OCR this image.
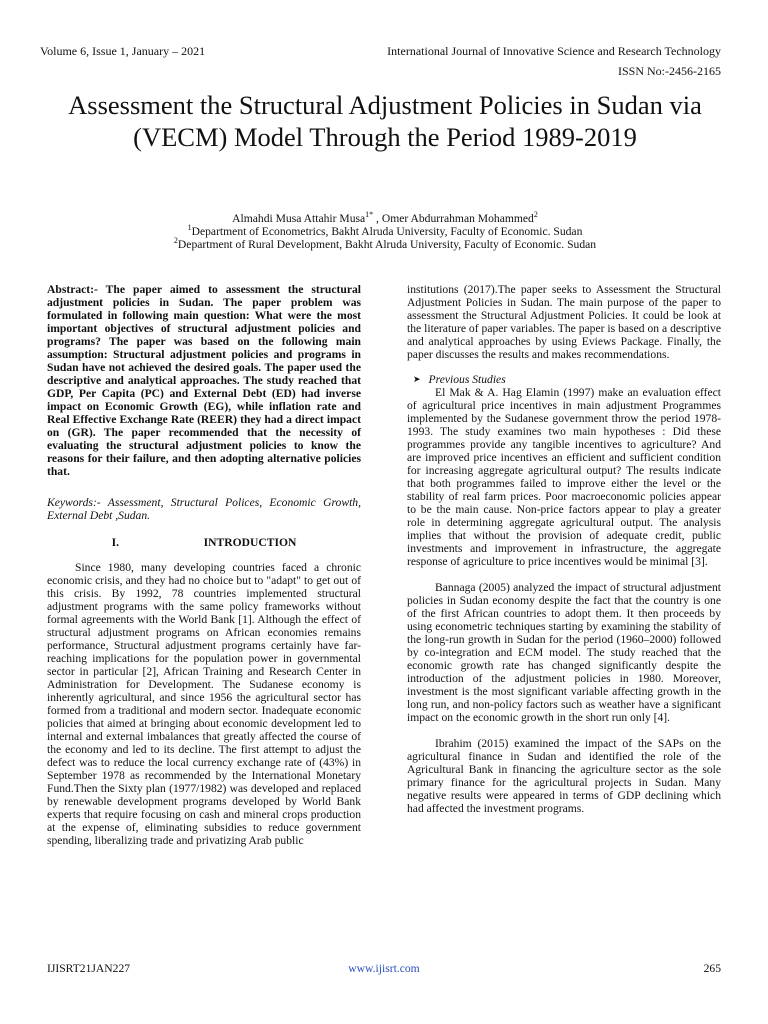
Volume 6, Issue 1, January – 2021	International Journal of Innovative Science and Research Technology
ISSN No:-2456-2165
Assessment the Structural Adjustment Policies in Sudan via (VECM) Model Through the Period 1989-2019
Almahdi Musa Attahir Musa$^{1*}$ , Omer Abdurrahman Mohammed$^2$
$^1$Department of Econometrics, Bakht Alruda University, Faculty of Economic. Sudan
$^2$Department of Rural Development, Bakht Alruda University, Faculty of Economic. Sudan

Abstract:- The paper aimed to assessment the structural adjustment policies in Sudan. The paper problem was formulated in following main question: What were the most important objectives of structural adjustment policies and programs? The paper was based on the following main assumption: Structural adjustment policies and programs in Sudan have not achieved the desired goals. The paper used the descriptive and analytical approaches. The study reached that GDP, Per Capita (PC) and External Debt (ED) had inverse impact on Economic Growth (EG), while inflation rate and Real Effective Exchange Rate (REER) they had a direct impact on (GR). The paper recommended that the necessity of evaluating the structural adjustment policies to know the reasons for their failure, and then adopting alternative policies that.

Keywords:- Assessment, Structural Polices, Economic Growth, External Debt ,Sudan.

I.	INTRODUCTION

Since 1980, many developing countries faced a chronic economic crisis, and they had no choice but to "adapt" to get out of this crisis. By 1992, 78 countries implemented structural adjustment programs with the same policy frameworks without formal agreements with the World Bank [1]. Although the effect of structural adjustment programs on African economies remains performance, Structural adjustment programs certainly have far-reaching implications for the population power in governmental sector in particular [2], African Training and Research Center in Administration for Development. The Sudanese economy is inherently agricultural, and since 1956 the agricultural sector has formed from a traditional and modern sector. Inadequate economic policies that aimed at bringing about economic development led to internal and external imbalances that greatly affected the course of the economy and led to its decline. The first attempt to adjust the defect was to reduce the local currency exchange rate of (43%) in September 1978 as recommended by the International Monetary Fund.Then the Sixty plan (1977/1982) was developed and replaced by renewable development programs developed by World Bank experts that require focusing on cash and mineral crops production at the expense of, eliminating subsidies to reduce government spending, liberalizing trade and privatizing Arab public

institutions (2017).The paper seeks to Assessment the Structural Adjustment Policies in Sudan. The main purpose of the paper to assessment the Structural Adjustment Policies. It could be look at the literature of paper variables. The paper is based on a descriptive and analytical approaches by using Eviews Package. Finally, the paper discusses the results and makes recommendations.

➤ Previous Studies

El Mak & A. Hag Elamin (1997) make an evaluation effect of agricultural price incentives in main adjustment Programmes implemented by the Sudanese government throw the period 1978-1993. The study examines two main hypotheses : Did these programmes provide any tangible incentives to agriculture? And are improved price incentives an efficient and sufficient condition for increasing aggregate agricultural output? The results indicate that both programmes failed to improve either the level or the stability of real farm prices. Poor macroeconomic policies appear to be the main cause. Non-price factors appear to play a greater role in determining aggregate agricultural output. The analysis implies that without the provision of adequate credit, public investments and improvement in infrastructure, the aggregate response of agriculture to price incentives would be minimal [3].

Bannaga (2005) analyzed the impact of structural adjustment policies in Sudan economy despite the fact that the country is one of the first African countries to adopt them. It then proceeds by using econometric techniques starting by examining the stability of the long-run growth in Sudan for the period (1960–2000) followed by co-integration and ECM model. The study reached that the economic growth rate has changed significantly despite the introduction of the adjustment policies in 1980. Moreover, investment is the most significant variable affecting growth in the long run, and non-policy factors such as weather have a significant impact on the economic growth in the short run only [4].

Ibrahim (2015) examined the impact of the SAPs on the agricultural finance in Sudan and identified the role of the Agricultural Bank in financing the agriculture sector as the sole primary finance for the agricultural projects in Sudan. Many negative results were appeared in terms of GDP declining which had affected the investment programs.

IJISRT21JAN227	www.ijisrt.com	265
